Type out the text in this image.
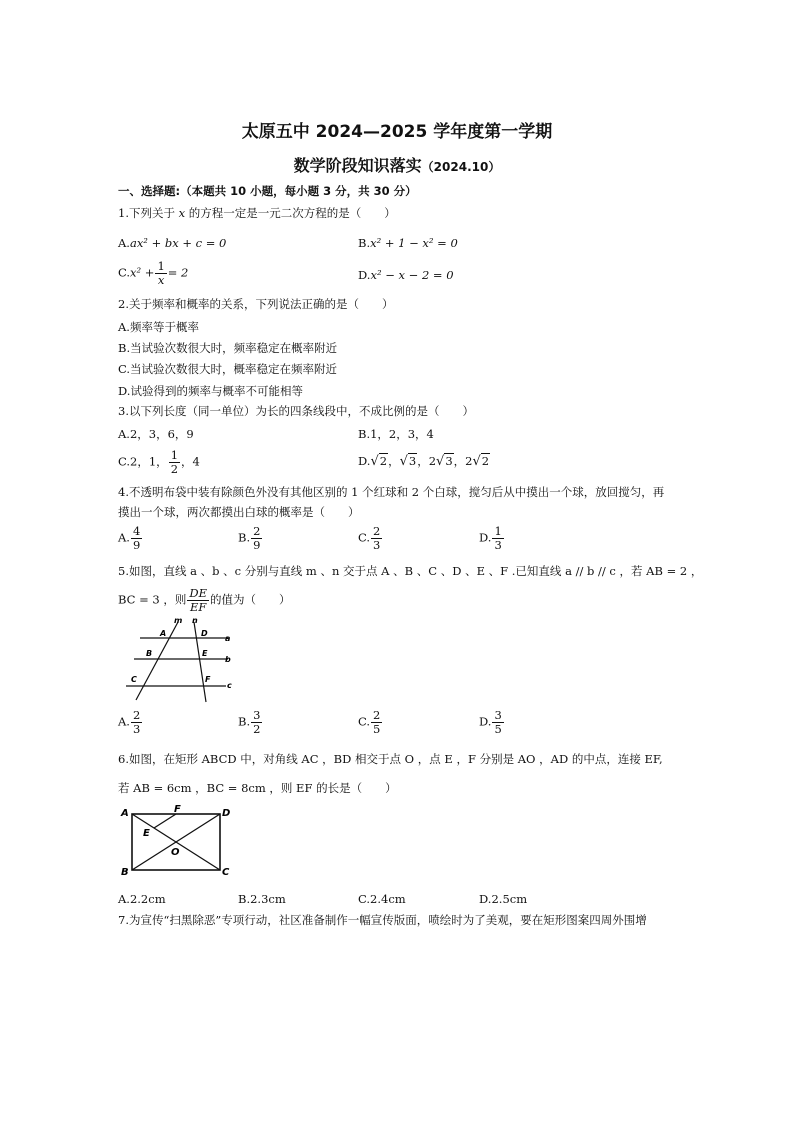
太原五中 2024—2025 学年度第一学期
数学阶段知识落实（2024.10）
一、选择题:（本题共 10 小题，每小题 3 分，共 30 分）
1.下列关于 x 的方程一定是一元二次方程的是（　　）
A.ax² + bx + c = 0	B.x² + 1 − x² = 0
$C.x^2 + \frac{1}{x} = 2$	D.x² − x − 2 = 0
2.关于频率和概率的关系，下列说法正确的是（　　）
A.频率等于概率
B.当试验次数很大时，频率稳定在概率附近
C.当试验次数很大时，概率稳定在频率附近
D.试验得到的频率与概率不可能相等
3.以下列长度（同一单位）为长的四条线段中，不成比例的是（　　）
A.2，3，6，9	B.1，2，3，4
C.2，1， $\frac{1}{2}$ ，4	D.√2，√3，2√3，2√2
4.不透明布袋中装有除颜色外没有其他区别的 1 个红球和 2 个白球，搅匀后从中摸出一个球，放回搅匀，再
摸出一个球，两次都摸出白球的概率是（　　）
A. $\frac{4}{9}$	B. $\frac{2}{9}$	C. $\frac{2}{3}$	D. $\frac{1}{3}$
5.如图，直线 a 、b 、c 分别与直线 m 、n 交于点 A 、B 、C 、D 、E 、F .已知直线 a // b // c ，若 AB = 2 ，
BC = 3 ，则 $\frac{DE}{EF}$ 的值为（　　）
m n
a
b
c
A
B
C
D
E
F
A. $\frac{2}{3}$	B. $\frac{3}{2}$	C. $\frac{2}{5}$	D. $\frac{3}{5}$
6.如图，在矩形 ABCD 中，对角线 AC ，BD 相交于点 O ，点 E ，F 分别是 AO ，AD 的中点，连接 EF,
若 AB = 6cm ，BC = 8cm ，则 EF 的长是（　　）
A
B	C
D
E
F
O
A.2.2cm	B.2.3cm	C.2.4cm	D.2.5cm
7.为宣传“扫黑除恶”专项行动，社区准备制作一幅宣传版面，喷绘时为了美观，要在矩形图案四周外围增
